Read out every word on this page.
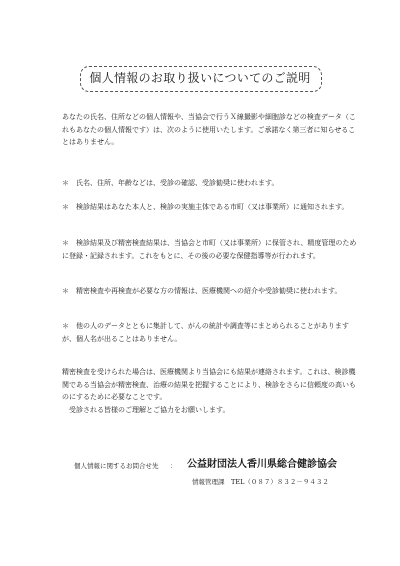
個人情報のお取り扱いについてのご説明
あなたの氏名、住所などの個人情報や、当協会で行うＸ線撮影や細胞診などの検査データ（これもあなたの個人情報です）は、次のように使用いたします。ご承諾なく第三者に知らせることはありません。
＊　氏名、住所、年齢などは、受診の確認、受診勧奨に使われます。
＊　検診結果はあなた本人と、検診の実施主体である市町（又は事業所）に通知されます。
＊　検診結果及び精密検査結果は、当協会と市町（又は事業所）に保管され、精度管理のために登録・記録されます。これをもとに、その後の必要な保健指導等が行われます。
＊　精密検査や再検査が必要な方の情報は、医療機関への紹介や受診勧奨に使われます。
＊　他の人のデータとともに集計して、がんの統計や調査等にまとめられることがありますが、個人名が出ることはありません。
精密検査を受けられた場合は、医療機関より当協会にも結果が連絡されます。これは、検診機関である当協会が精密検査、治療の結果を把握することにより、検診をさらに信頼度の高いものにするために必要なことです。
　受診される皆様のご理解とご協力をお願いします。
個人情報に関するお問合せ先 ： 公益財団法人香川県総合健診協会
情報管理課　TEL（０８７）８３２－９４３２
